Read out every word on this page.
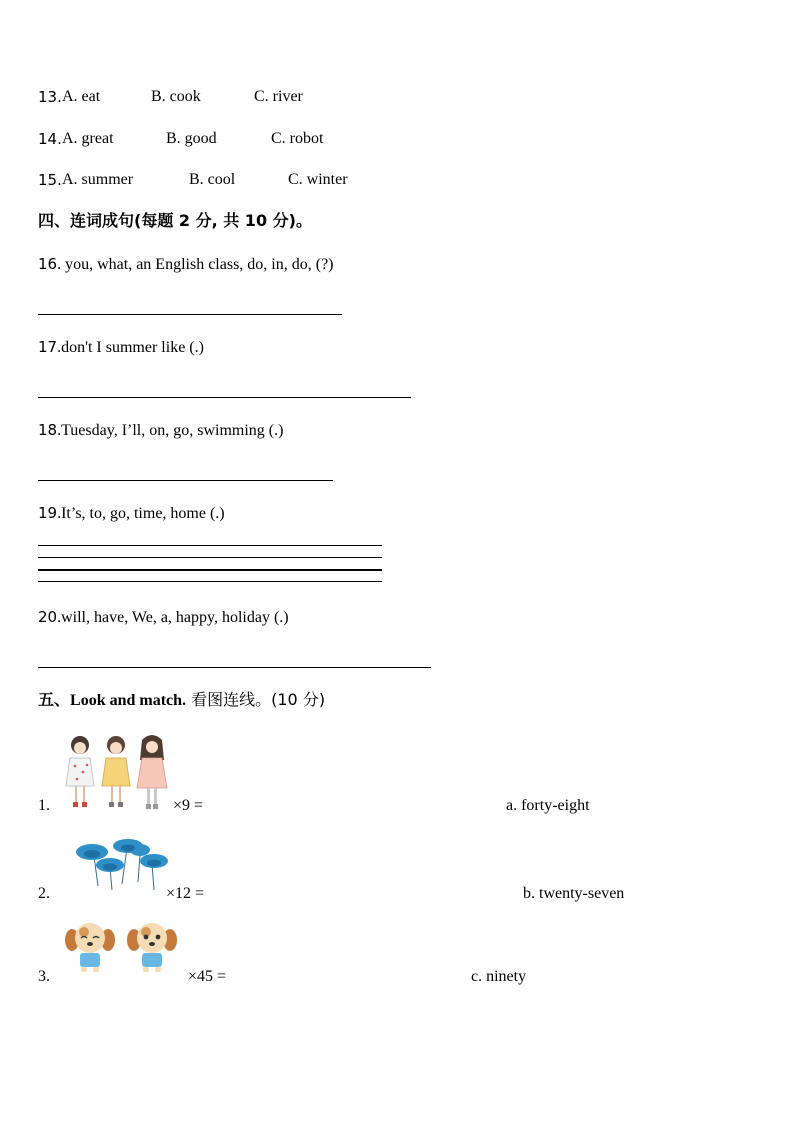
13. A. eat	B. cook	C. river
14. A. great	B. good	C. robot
15. A. summer	B. cool	C. winter
四、连词成句(每题 2 分, 共 10 分)。
16. you, what, an English class, do, in, do, (?)
17.don't I summer like (.)
18.Tuesday, I’ll, on, go, swimming (.)
19.It’s, to, go, time, home (.)
20.will, have, We, a, happy, holiday (.)
五、Look and match. 看图连线。(10 分)
1.	×9 =	a. forty-eight
2.	×12 =	b. twenty-seven
3.	×45 =	c. ninety
